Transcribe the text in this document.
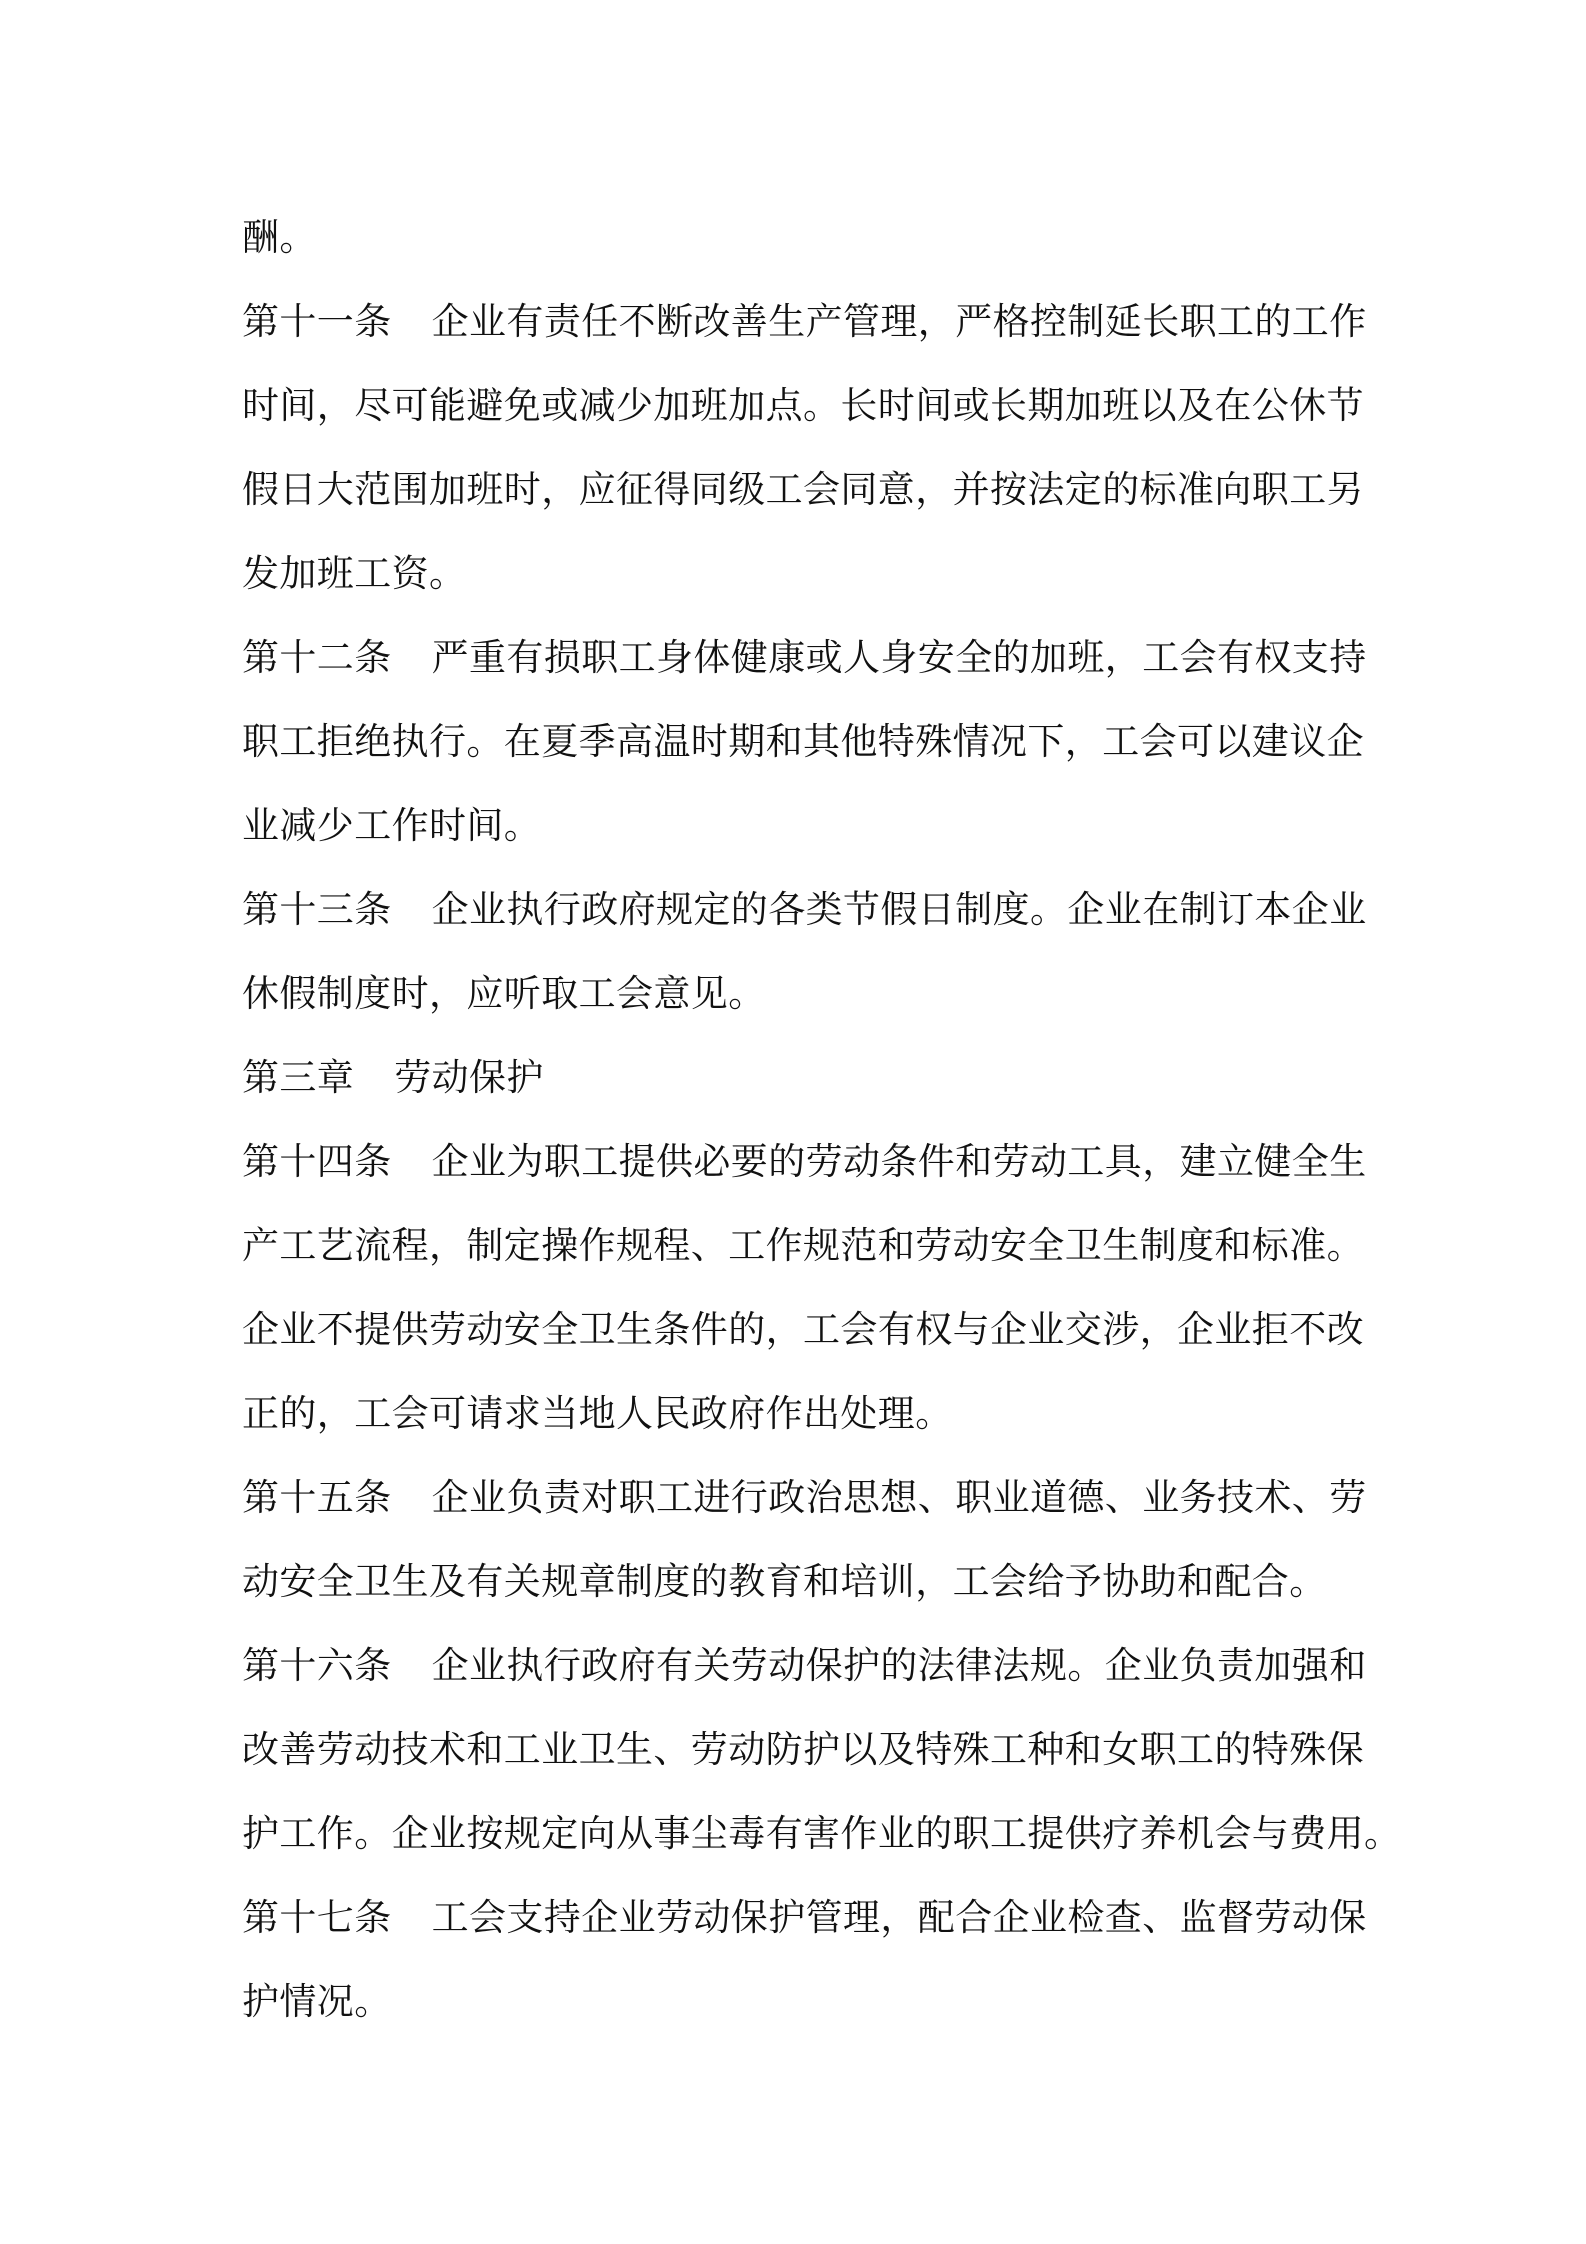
酬。
第十一条 企业有责任不断改善生产管理，严格控制延长职工的工作
时间，尽可能避免或减少加班加点。长时间或长期加班以及在公休节
假日大范围加班时，应征得同级工会同意，并按法定的标准向职工另
发加班工资。
第十二条 严重有损职工身体健康或人身安全的加班，工会有权支持
职工拒绝执行。在夏季高温时期和其他特殊情况下，工会可以建议企
业减少工作时间。
第十三条 企业执行政府规定的各类节假日制度。企业在制订本企业
休假制度时，应听取工会意见。
第三章 劳动保护
第十四条 企业为职工提供必要的劳动条件和劳动工具，建立健全生
产工艺流程，制定操作规程、工作规范和劳动安全卫生制度和标准。
企业不提供劳动安全卫生条件的，工会有权与企业交涉，企业拒不改
正的，工会可请求当地人民政府作出处理。
第十五条 企业负责对职工进行政治思想、职业道德、业务技术、劳
动安全卫生及有关规章制度的教育和培训，工会给予协助和配合。
第十六条 企业执行政府有关劳动保护的法律法规。企业负责加强和
改善劳动技术和工业卫生、劳动防护以及特殊工种和女职工的特殊保
护工作。企业按规定向从事尘毒有害作业的职工提供疗养机会与费用。
第十七条 工会支持企业劳动保护管理，配合企业检查、监督劳动保
护情况。
